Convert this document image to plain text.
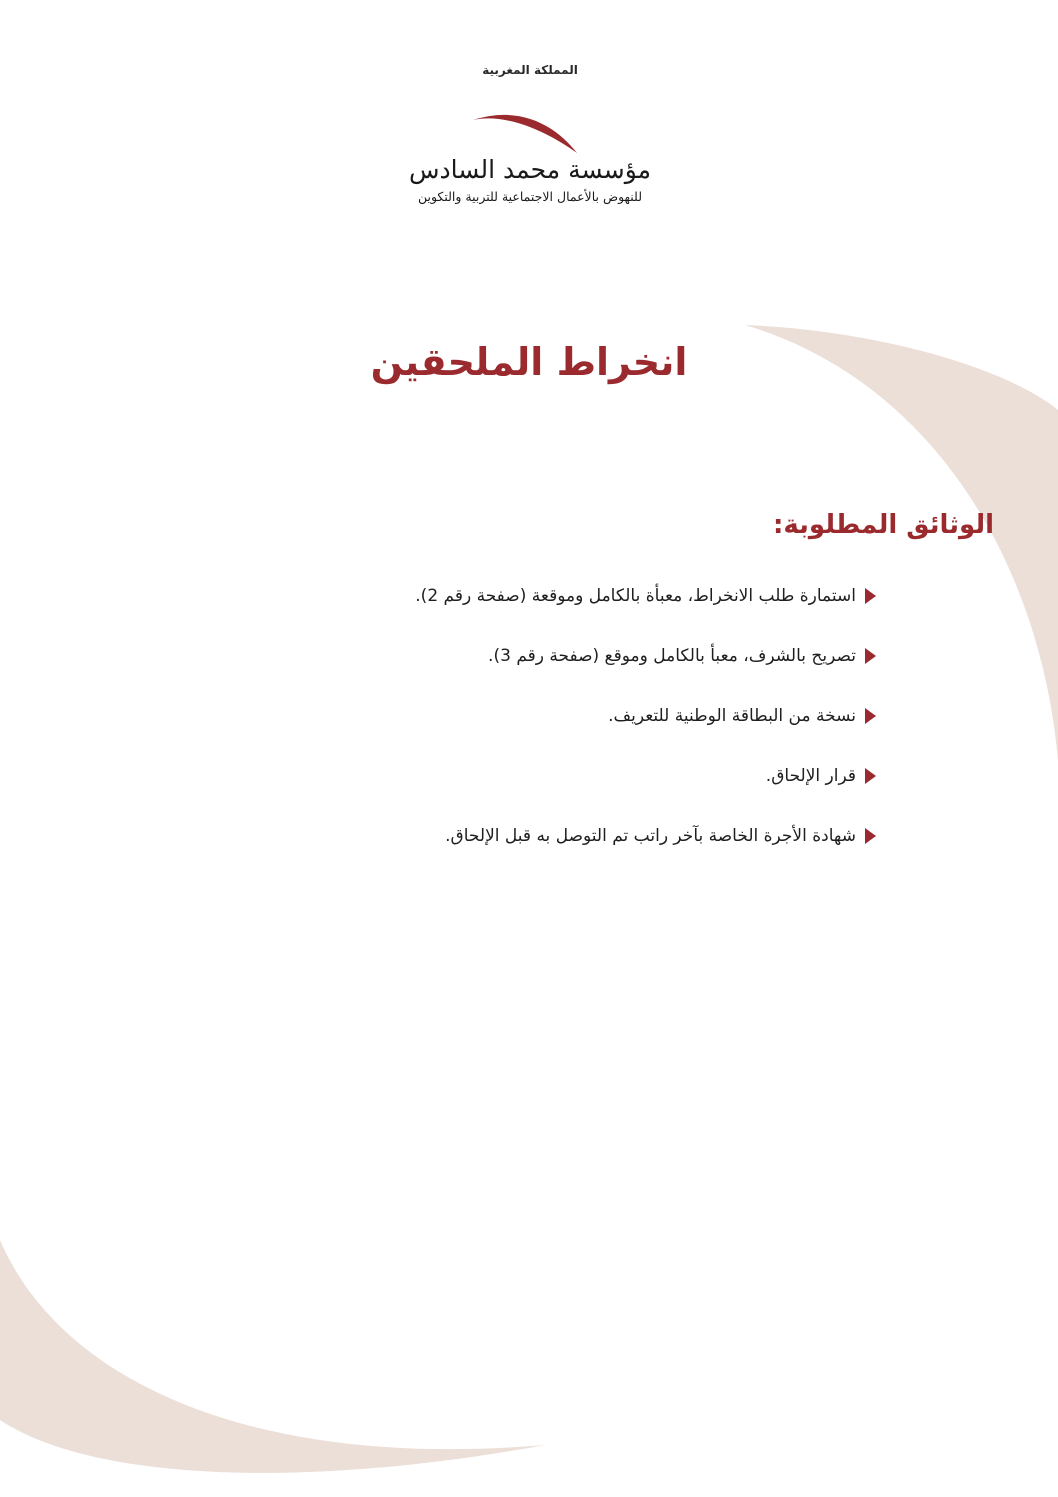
المملكة المغربية
مؤسسة محمد السادس
للنهوض بالأعمال الاجتماعية للتربية والتكوين
انخراط الملحقين
الوثائق المطلوبة:
استمارة طلب الانخراط، معبأة بالكامل وموقعة (صفحة رقم 2).
تصريح بالشرف، معبأ بالكامل وموقع (صفحة رقم 3).
نسخة من البطاقة الوطنية للتعريف.
قرار الإلحاق.
شهادة الأجرة الخاصة بآخر راتب تم التوصل به قبل الإلحاق.
